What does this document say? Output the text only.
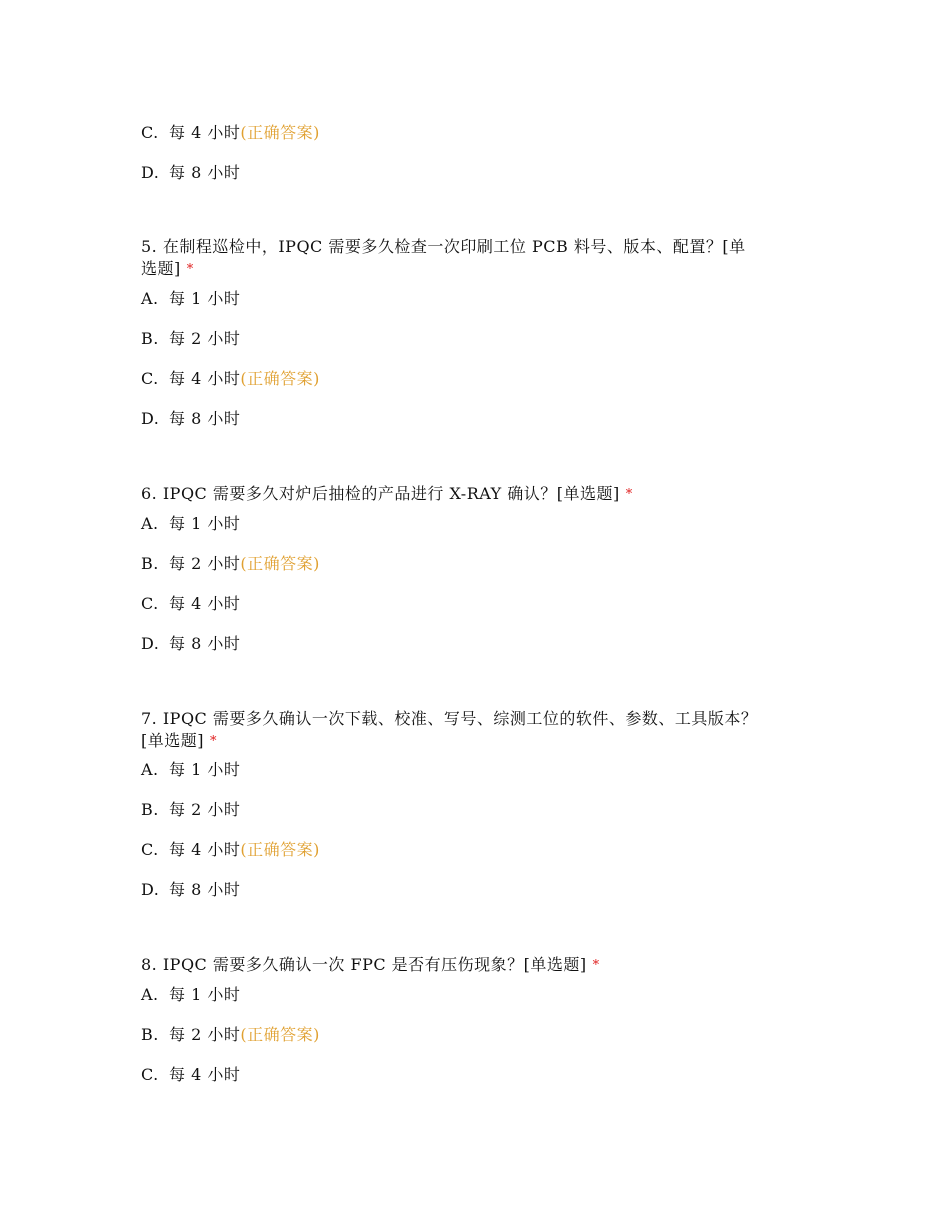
C. 每 4 小时(正确答案)
D. 每 8 小时
5. 在制程巡检中，IPQC 需要多久检查一次印刷工位 PCB 料号、版本、配置？[单
选题] *
A. 每 1 小时
B. 每 2 小时
C. 每 4 小时(正确答案)
D. 每 8 小时
6. IPQC 需要多久对炉后抽检的产品进行 X-RAY 确认？[单选题] *
A. 每 1 小时
B. 每 2 小时(正确答案)
C. 每 4 小时
D. 每 8 小时
7. IPQC 需要多久确认一次下载、校准、写号、综测工位的软件、参数、工具版本？
[单选题] *
A. 每 1 小时
B. 每 2 小时
C. 每 4 小时(正确答案)
D. 每 8 小时
8. IPQC 需要多久确认一次 FPC 是否有压伤现象？[单选题] *
A. 每 1 小时
B. 每 2 小时(正确答案)
C. 每 4 小时
